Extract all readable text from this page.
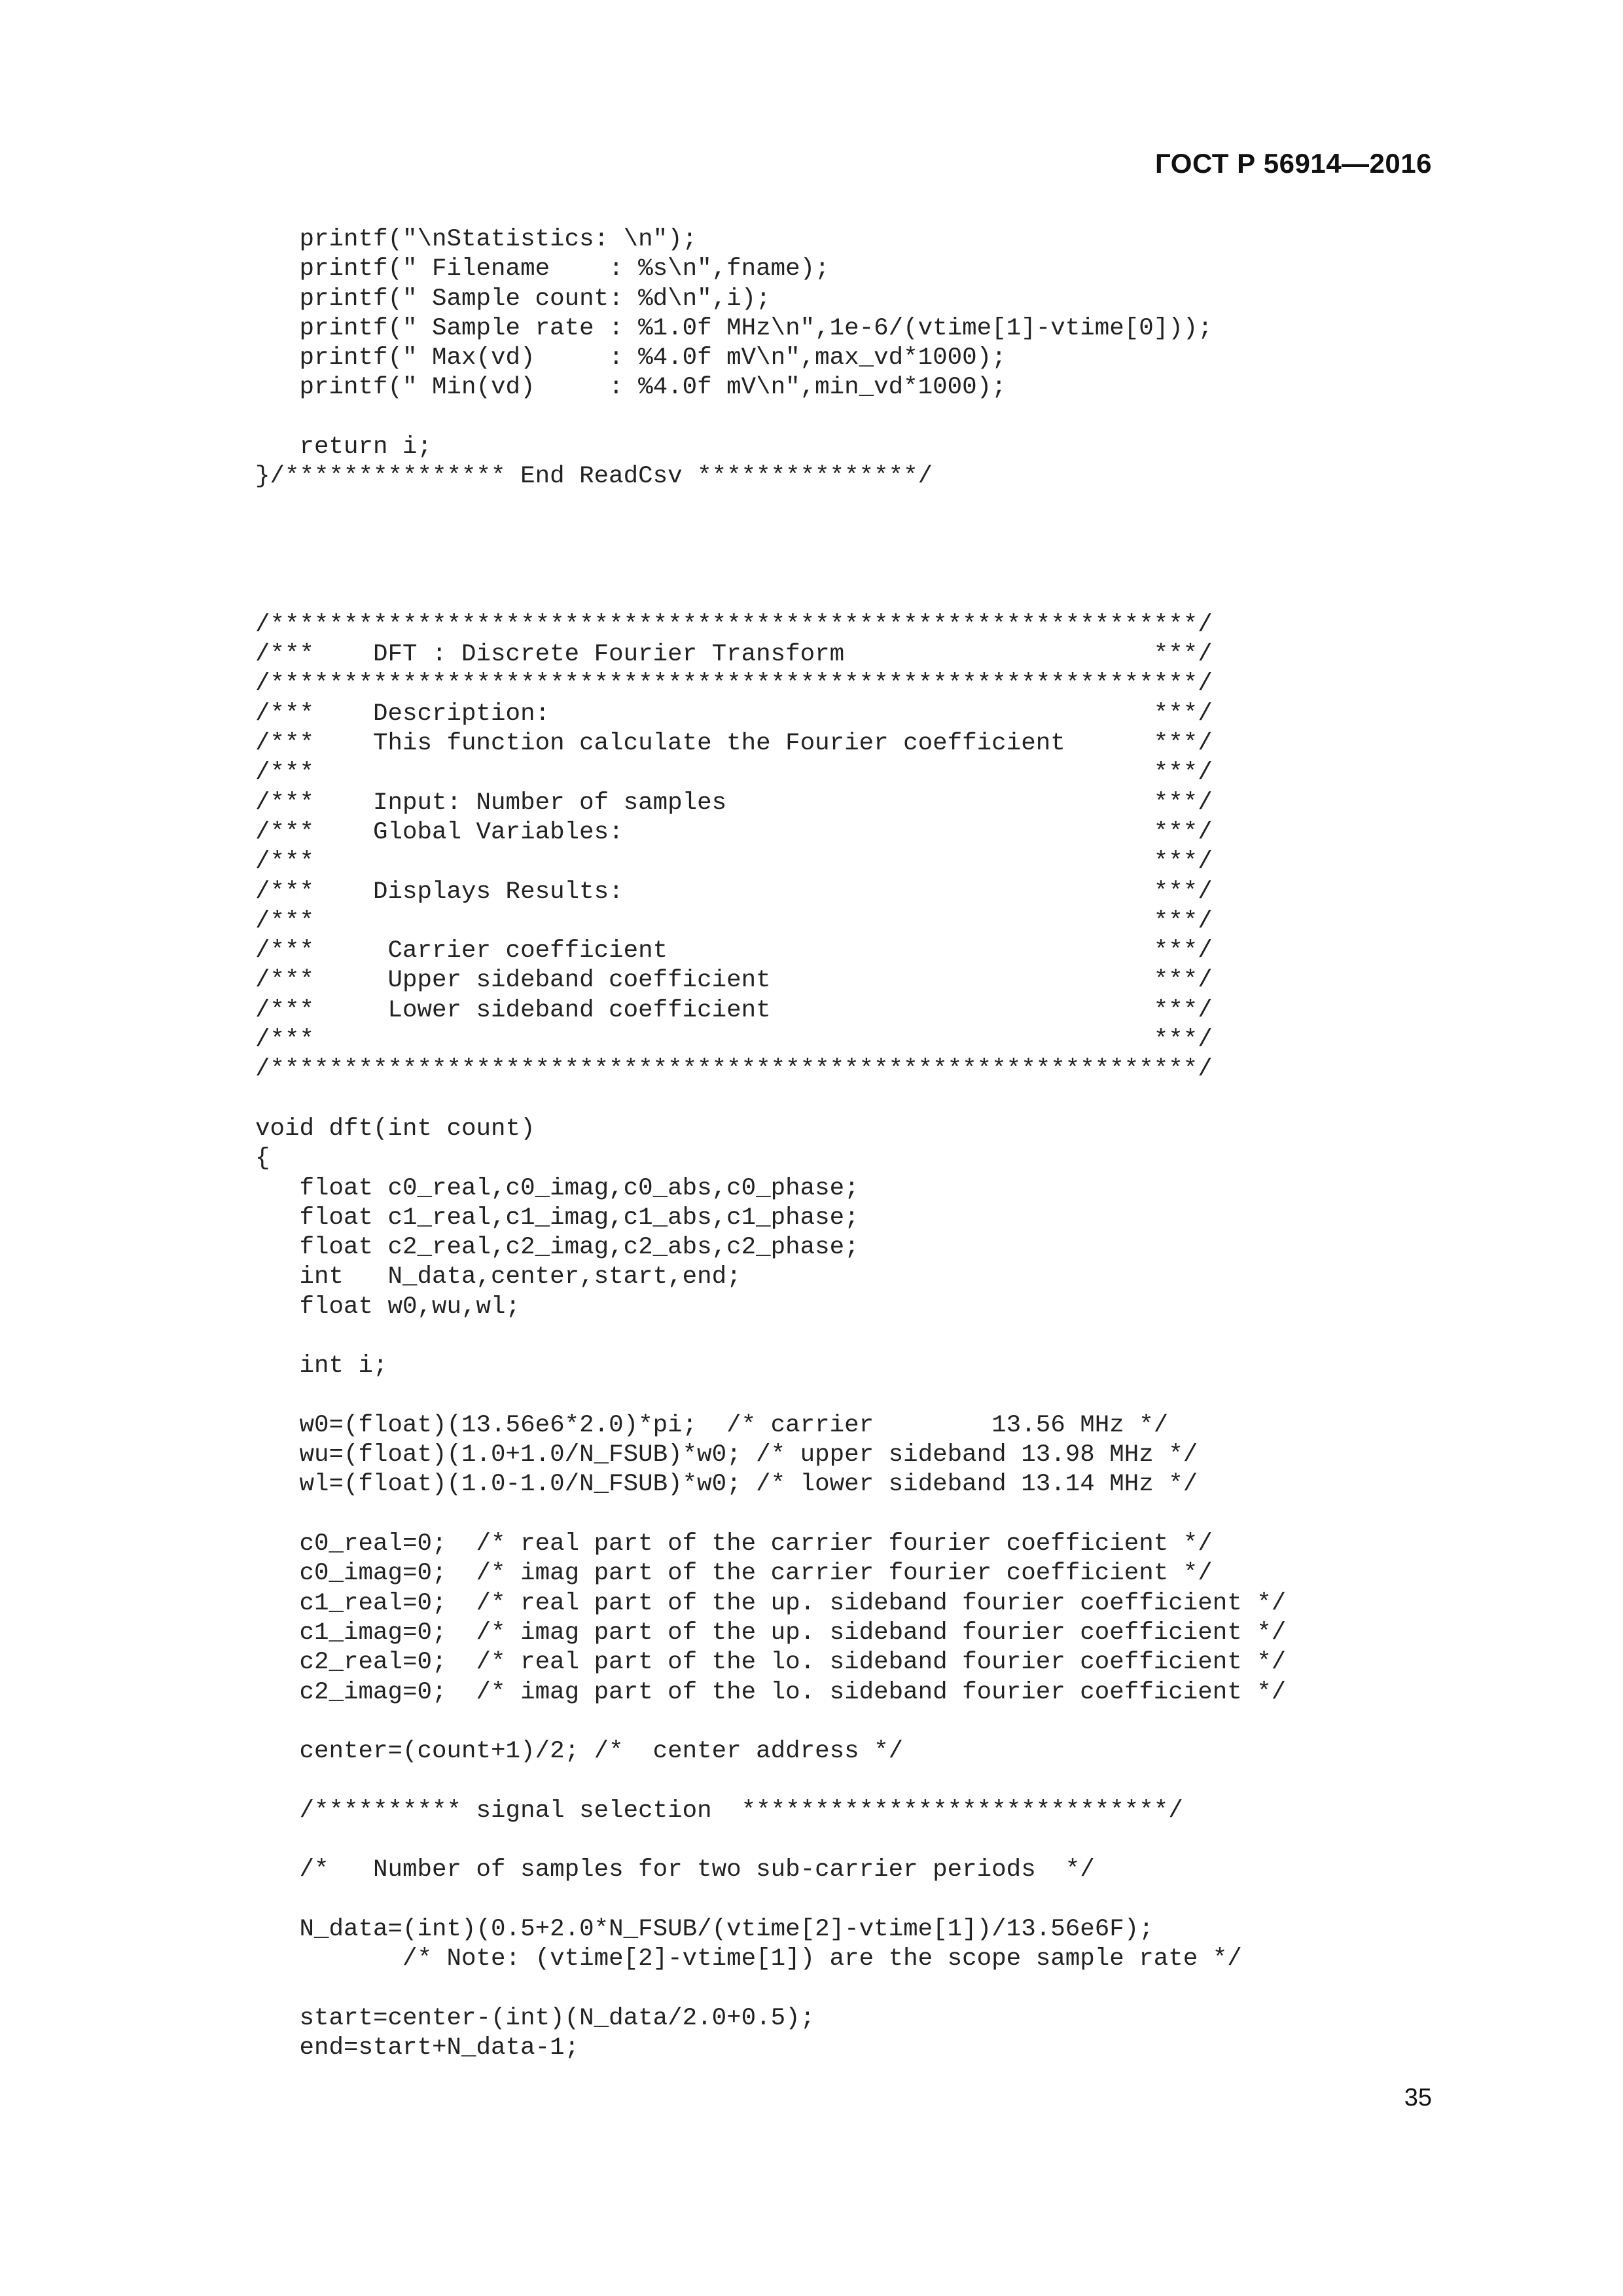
ГОСТ Р 56914—2016
printf("\nStatistics: \n");
printf(" Filename    : %s\n",fname);
printf(" Sample count: %d\n",i);
printf(" Sample rate : %1.0f MHz\n",1e-6/(vtime[1]-vtime[0]));
printf(" Max(vd)     : %4.0f mV\n",max_vd*1000);
printf(" Min(vd)     : %4.0f mV\n",min_vd*1000);

return i;
}/*************** End ReadCsv ***************/

/***************************************************************/
/***    DFT : Discrete Fourier Transform                     ***/
/***************************************************************/
/***    Description:                                         ***/
/***    This function calculate the Fourier coefficient      ***/
/***                                                         ***/
/***    Input: Number of samples                             ***/
/***    Global Variables:                                    ***/
/***                                                         ***/
/***    Displays Results:                                    ***/
/***                                                         ***/
/***     Carrier coefficient                                 ***/
/***     Upper sideband coefficient                          ***/
/***     Lower sideband coefficient                          ***/
/***                                                         ***/
/***************************************************************/

void dft(int count)
{
float c0_real,c0_imag,c0_abs,c0_phase;
float c1_real,c1_imag,c1_abs,c1_phase;
float c2_real,c2_imag,c2_abs,c2_phase;
int   N_data,center,start,end;
float w0,wu,wl;

int i;

w0=(float)(13.56e6*2.0)*pi;  /* carrier        13.56 MHz */
wu=(float)(1.0+1.0/N_FSUB)*w0; /* upper sideband 13.98 MHz */
wl=(float)(1.0-1.0/N_FSUB)*w0; /* lower sideband 13.14 MHz */

c0_real=0;  /* real part of the carrier fourier coefficient */
c0_imag=0;  /* imag part of the carrier fourier coefficient */
c1_real=0;  /* real part of the up. sideband fourier coefficient */
c1_imag=0;  /* imag part of the up. sideband fourier coefficient */
c2_real=0;  /* real part of the lo. sideband fourier coefficient */
c2_imag=0;  /* imag part of the lo. sideband fourier coefficient */

center=(count+1)/2; /*  center address */

/********** signal selection  *****************************/

/*   Number of samples for two sub-carrier periods  */

N_data=(int)(0.5+2.0*N_FSUB/(vtime[2]-vtime[1])/13.56e6F);
/* Note: (vtime[2]-vtime[1]) are the scope sample rate */

start=center-(int)(N_data/2.0+0.5);
end=start+N_data-1;
35
